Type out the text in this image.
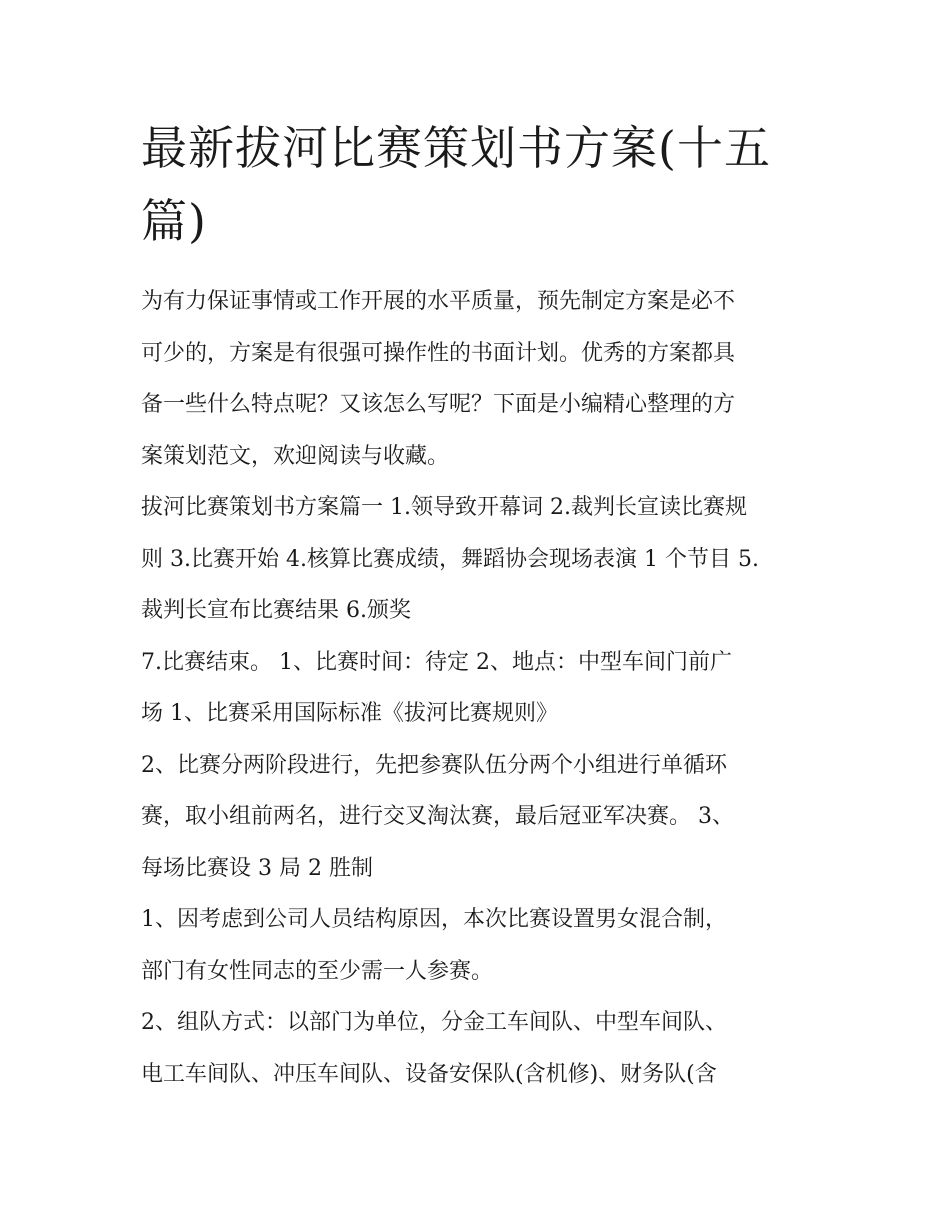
最新拔河比赛策划书方案(十五
篇)

为有力保证事情或工作开展的水平质量，预先制定方案是必不
可少的，方案是有很强可操作性的书面计划。优秀的方案都具
备一些什么特点呢？又该怎么写呢？下面是小编精心整理的方
案策划范文，欢迎阅读与收藏。

拔河比赛策划书方案篇一 1.领导致开幕词 2.裁判长宣读比赛规
则 3.比赛开始 4.核算比赛成绩，舞蹈协会现场表演 1 个节目 5.
裁判长宣布比赛结果 6.颁奖

7.比赛结束。 1、比赛时间：待定 2、地点：中型车间门前广
场 1、比赛采用国际标准《拔河比赛规则》

2、比赛分两阶段进行，先把参赛队伍分两个小组进行单循环
赛，取小组前两名，进行交叉淘汰赛，最后冠亚军决赛。 3、
每场比赛设 3 局 2 胜制

1、因考虑到公司人员结构原因，本次比赛设置男女混合制，
部门有女性同志的至少需一人参赛。

2、组队方式：以部门为单位，分金工车间队、中型车间队、
电工车间队、冲压车间队、设备安保队(含机修)、财务队(含
